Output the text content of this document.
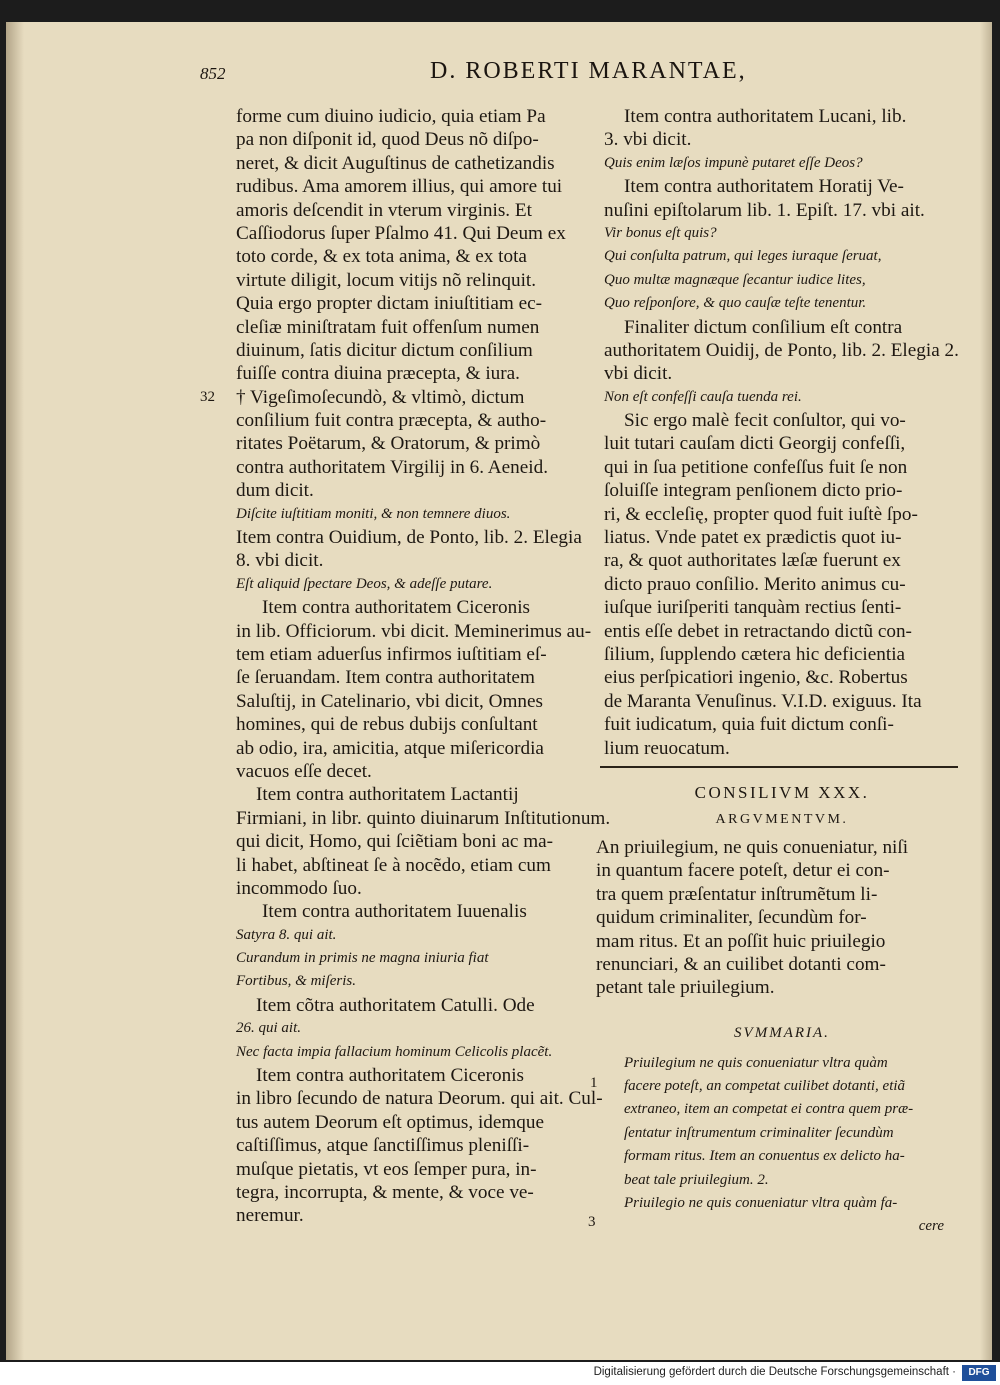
852	D. ROBERTI MARANTAE,
32
1
3
forme cum diuino iudicio, quia etiam Pa
pa non diſponit id, quod Deus nõ diſpo-
neret, & dicit Auguſtinus de cathetizandis
rudibus. Ama amorem illius, qui amore tui
amoris deſcendit in vterum virginis. Et
Caſſiodorus ſuper Pſalmo 41. Qui Deum ex
toto corde, & ex tota anima, & ex tota
virtute diligit, locum vitijs nõ relinquit.
Quia ergo propter dictam iniuſtitiam ec-
cleſiæ miniſtratam fuit offenſum numen
diuinum, ſatis dicitur dictum conſilium
fuiſſe contra diuina præcepta, & iura.
† Vigeſimoſecundò, & vltimò, dictum
conſilium fuit contra præcepta, & autho-
ritates Poëtarum, & Oratorum, & primò
contra authoritatem Virgilij in 6. Aeneid.
dum dicit.
Diſcite iuſtitiam moniti, & non temnere diuos.
Item contra Ouidium, de Ponto, lib. 2. Elegia
8. vbi dicit.
Eſt aliquid ſpectare Deos, & adeſſe putare.
Item contra authoritatem Ciceronis
in lib. Officiorum. vbi dicit. Meminerimus au-
tem etiam aduerſus infirmos iuſtitiam eſ-
ſe ſeruandam. Item contra authoritatem
Saluſtij, in Catelinario, vbi dicit, Omnes
homines, qui de rebus dubijs conſultant
ab odio, ira, amicitia, atque miſericordia
vacuos eſſe decet.
Item contra authoritatem Lactantij
Firmiani, in libr. quinto diuinarum Inſtitutionum.
qui dicit, Homo, qui ſciẽtiam boni ac ma-
li habet, abſtineat ſe à nocẽdo, etiam cum
incommodo ſuo.
Item contra authoritatem Iuuenalis
Satyra 8. qui ait.
Curandum in primis ne magna iniuria fiat
Fortibus, & miſeris.
Item cõtra authoritatem Catulli. Ode
26. qui ait.
Nec facta impia fallacium hominum Celicolis placẽt.
Item contra authoritatem Ciceronis
in libro ſecundo de natura Deorum. qui ait. Cul-
tus autem Deorum eſt optimus, idemque
caſtiſſimus, atque ſanctiſſimus pleniſſi-
muſque pietatis, vt eos ſemper pura, in-
tegra, incorrupta, & mente, & voce ve-
neremur.
Item contra authoritatem Lucani, lib.
3. vbi dicit.
Quis enim læſos impunè putaret eſſe Deos?
Item contra authoritatem Horatij Ve-
nuſini epiſtolarum lib. 1. Epiſt. 17. vbi ait.
Vir bonus eſt quis?
Qui conſulta patrum, qui leges iuraque ſeruat,
Quo multæ magnæque ſecantur iudice lites,
Quo reſponſore, & quo cauſæ teſte tenentur.
Finaliter dictum conſilium eſt contra
authoritatem Ouidij, de Ponto, lib. 2. Elegia 2.
vbi dicit.
Non eſt confeſſi cauſa tuenda rei.
Sic ergo malè fecit conſultor, qui vo-
luit tutari cauſam dicti Georgij confeſſi,
qui in ſua petitione confeſſus fuit ſe non
ſoluiſſe integram penſionem dicto prio-
ri, & eccleſię, propter quod fuit iuſtè ſpo-
liatus. Vnde patet ex prædictis quot iu-
ra, & quot authoritates læſæ fuerunt ex
dicto prauo conſilio. Merito animus cu-
iuſque iuriſperiti tanquàm rectius ſenti-
entis eſſe debet in retractando dictũ con-
ſilium, ſupplendo cætera hic deficientia
eius perſpicatiori ingenio, &c. Robertus
de Maranta Venuſinus. V.I.D. exiguus. Ita
fuit iudicatum, quia fuit dictum conſi-
lium reuocatum.
CONSILIVM XXX.
ARGVMENTVM.
An priuilegium, ne quis conueniatur, niſi
in quantum facere poteſt, detur ei con-
tra quem præſentatur inſtrumẽtum li-
quidum criminaliter, ſecundùm for-
mam ritus. Et an poſſit huic priuilegio
renunciari, & an cuilibet dotanti com-
petant tale priuilegium.
SVMMARIA.
Priuilegium ne quis conueniatur vltra quàm
facere poteſt, an competat cuilibet dotanti, etiã
extraneo, item an competat ei contra quem præ-
ſentatur inſtrumentum criminaliter ſecundùm
formam ritus. Item an conuentus ex delicto ha-
beat tale priuilegium. 2.
Priuilegio ne quis conueniatur vltra quàm fa-
cere
Digitalisierung gefördert durch die Deutsche Forschungsgemeinschaft ·	DFG
